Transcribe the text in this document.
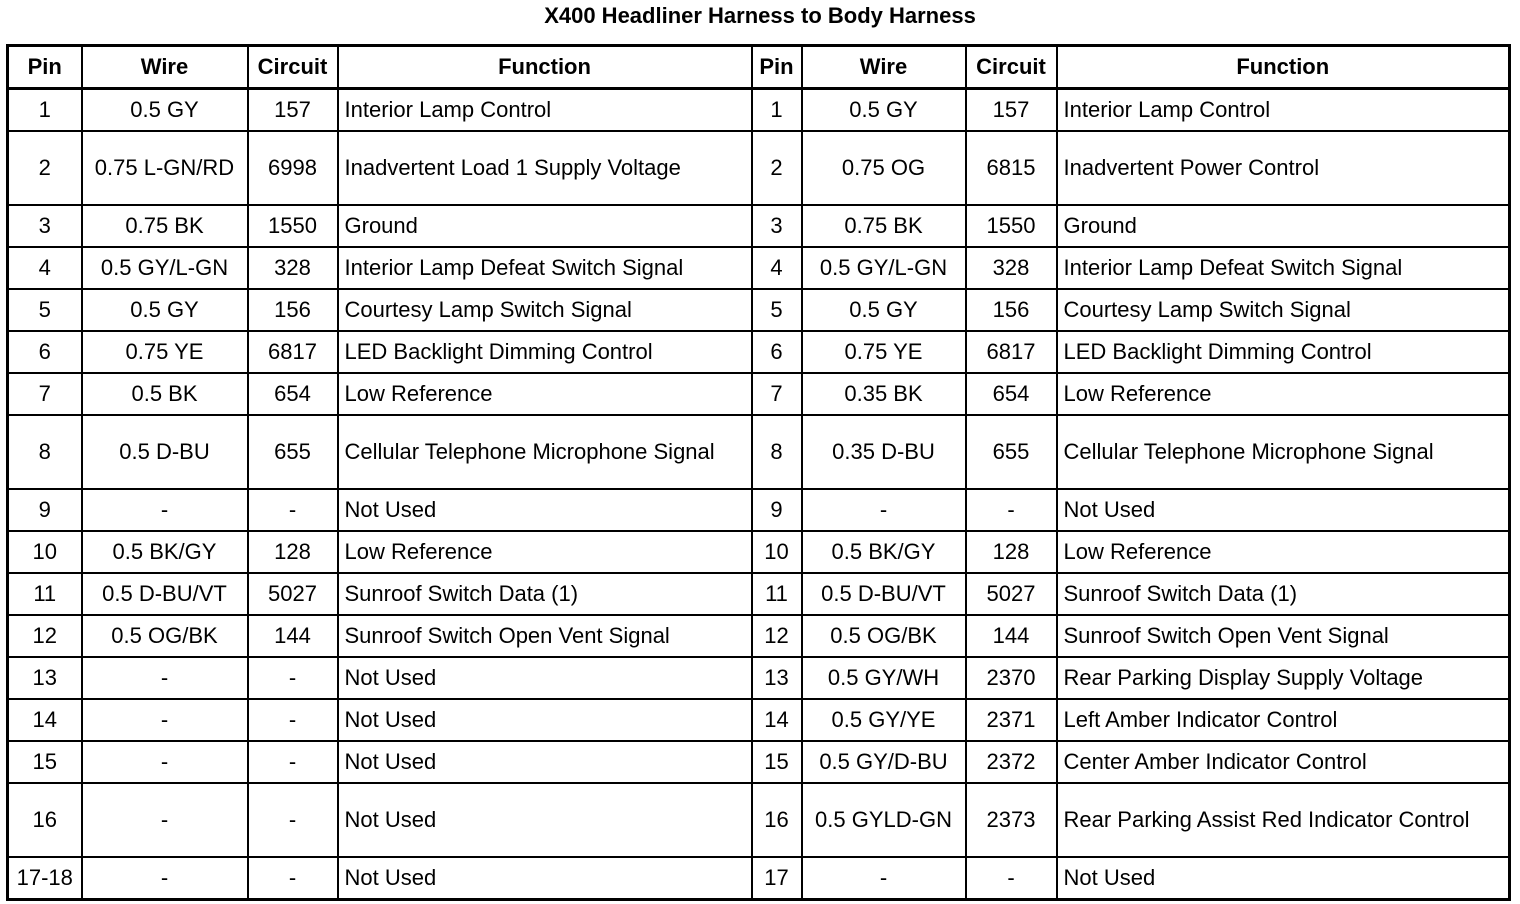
X400 Headliner Harness to Body Harness
Pin	Wire	Circuit	Function	Pin	Wire	Circuit	Function
1	0.5 GY	157	Interior Lamp Control	1	0.5 GY	157	Interior Lamp Control
2	0.75 L-GN/RD	6998	Inadvertent Load 1 Supply Voltage	2	0.75 OG	6815	Inadvertent Power Control
3	0.75 BK	1550	Ground	3	0.75 BK	1550	Ground
4	0.5 GY/L-GN	328	Interior Lamp Defeat Switch Signal	4	0.5 GY/L-GN	328	Interior Lamp Defeat Switch Signal
5	0.5 GY	156	Courtesy Lamp Switch Signal	5	0.5 GY	156	Courtesy Lamp Switch Signal
6	0.75 YE	6817	LED Backlight Dimming Control	6	0.75 YE	6817	LED Backlight Dimming Control
7	0.5 BK	654	Low Reference	7	0.35 BK	654	Low Reference
8	0.5 D-BU	655	Cellular Telephone Microphone Signal	8	0.35 D-BU	655	Cellular Telephone Microphone Signal
9	-	-	Not Used	9	-	-	Not Used
10	0.5 BK/GY	128	Low Reference	10	0.5 BK/GY	128	Low Reference
11	0.5 D-BU/VT	5027	Sunroof Switch Data (1)	11	0.5 D-BU/VT	5027	Sunroof Switch Data (1)
12	0.5 OG/BK	144	Sunroof Switch Open Vent Signal	12	0.5 OG/BK	144	Sunroof Switch Open Vent Signal
13	-	-	Not Used	13	0.5 GY/WH	2370	Rear Parking Display Supply Voltage
14	-	-	Not Used	14	0.5 GY/YE	2371	Left Amber Indicator Control
15	-	-	Not Used	15	0.5 GY/D-BU	2372	Center Amber Indicator Control
16	-	-	Not Used	16	0.5 GYLD-GN	2373	Rear Parking Assist Red Indicator Control
17-18	-	-	Not Used	17	-	-	Not Used
